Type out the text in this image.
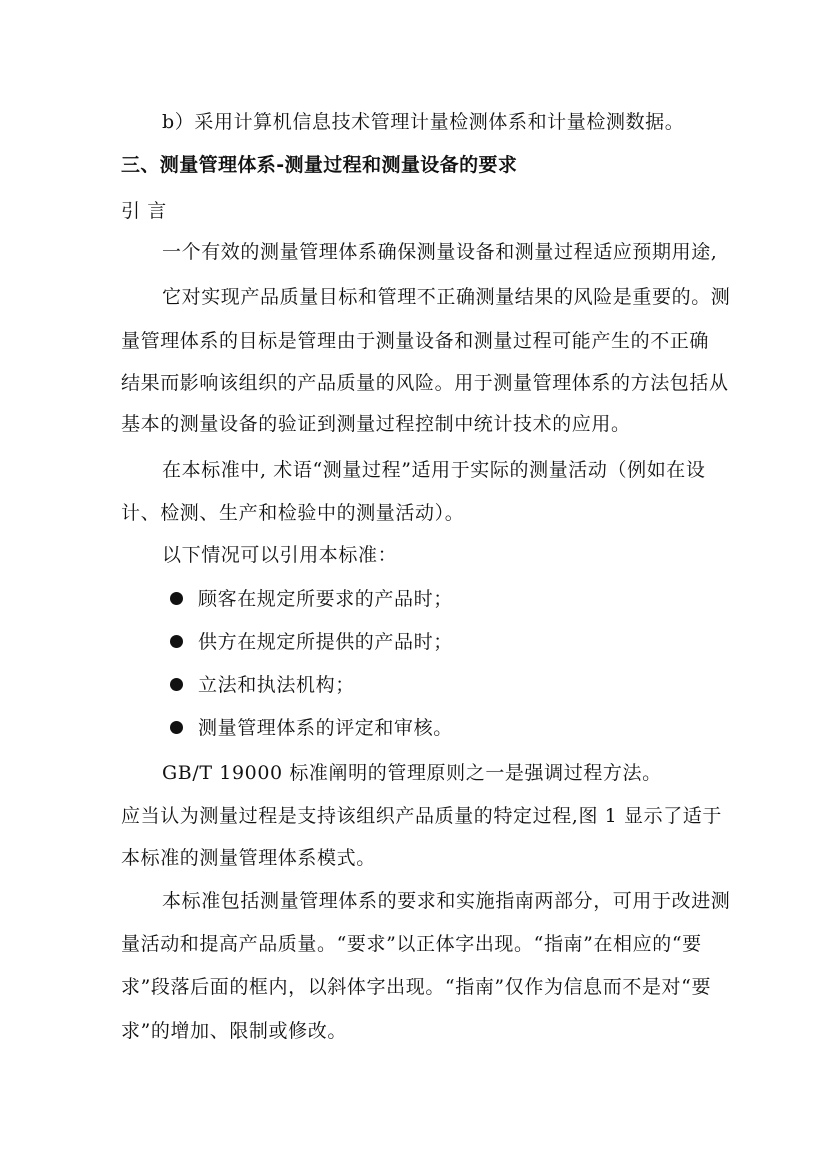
b）采用计算机信息技术管理计量检测体系和计量检测数据。
三、测量管理体系-测量过程和测量设备的要求
引 言
一个有效的测量管理体系确保测量设备和测量过程适应预期用途,
它对实现产品质量目标和管理不正确测量结果的风险是重要的。测
量管理体系的目标是管理由于测量设备和测量过程可能产生的不正确
结果而影响该组织的产品质量的风险。用于测量管理体系的方法包括从
基本的测量设备的验证到测量过程控制中统计技术的应用。
在本标准中, 术语“测量过程”适用于实际的测量活动（例如在设
计、检测、生产和检验中的测量活动）。
以下情况可以引用本标准：
顾客在规定所要求的产品时；
供方在规定所提供的产品时；
立法和执法机构；
测量管理体系的评定和审核。
GB/T 19000 标准阐明的管理原则之一是强调过程方法。
应当认为测量过程是支持该组织产品质量的特定过程,图 1 显示了适于
本标准的测量管理体系模式。
本标准包括测量管理体系的要求和实施指南两部分，可用于改进测
量活动和提高产品质量。“要求”以正体字出现。“指南”在相应的“要
求”段落后面的框内，以斜体字出现。“指南”仅作为信息而不是对“要
求”的增加、限制或修改。
